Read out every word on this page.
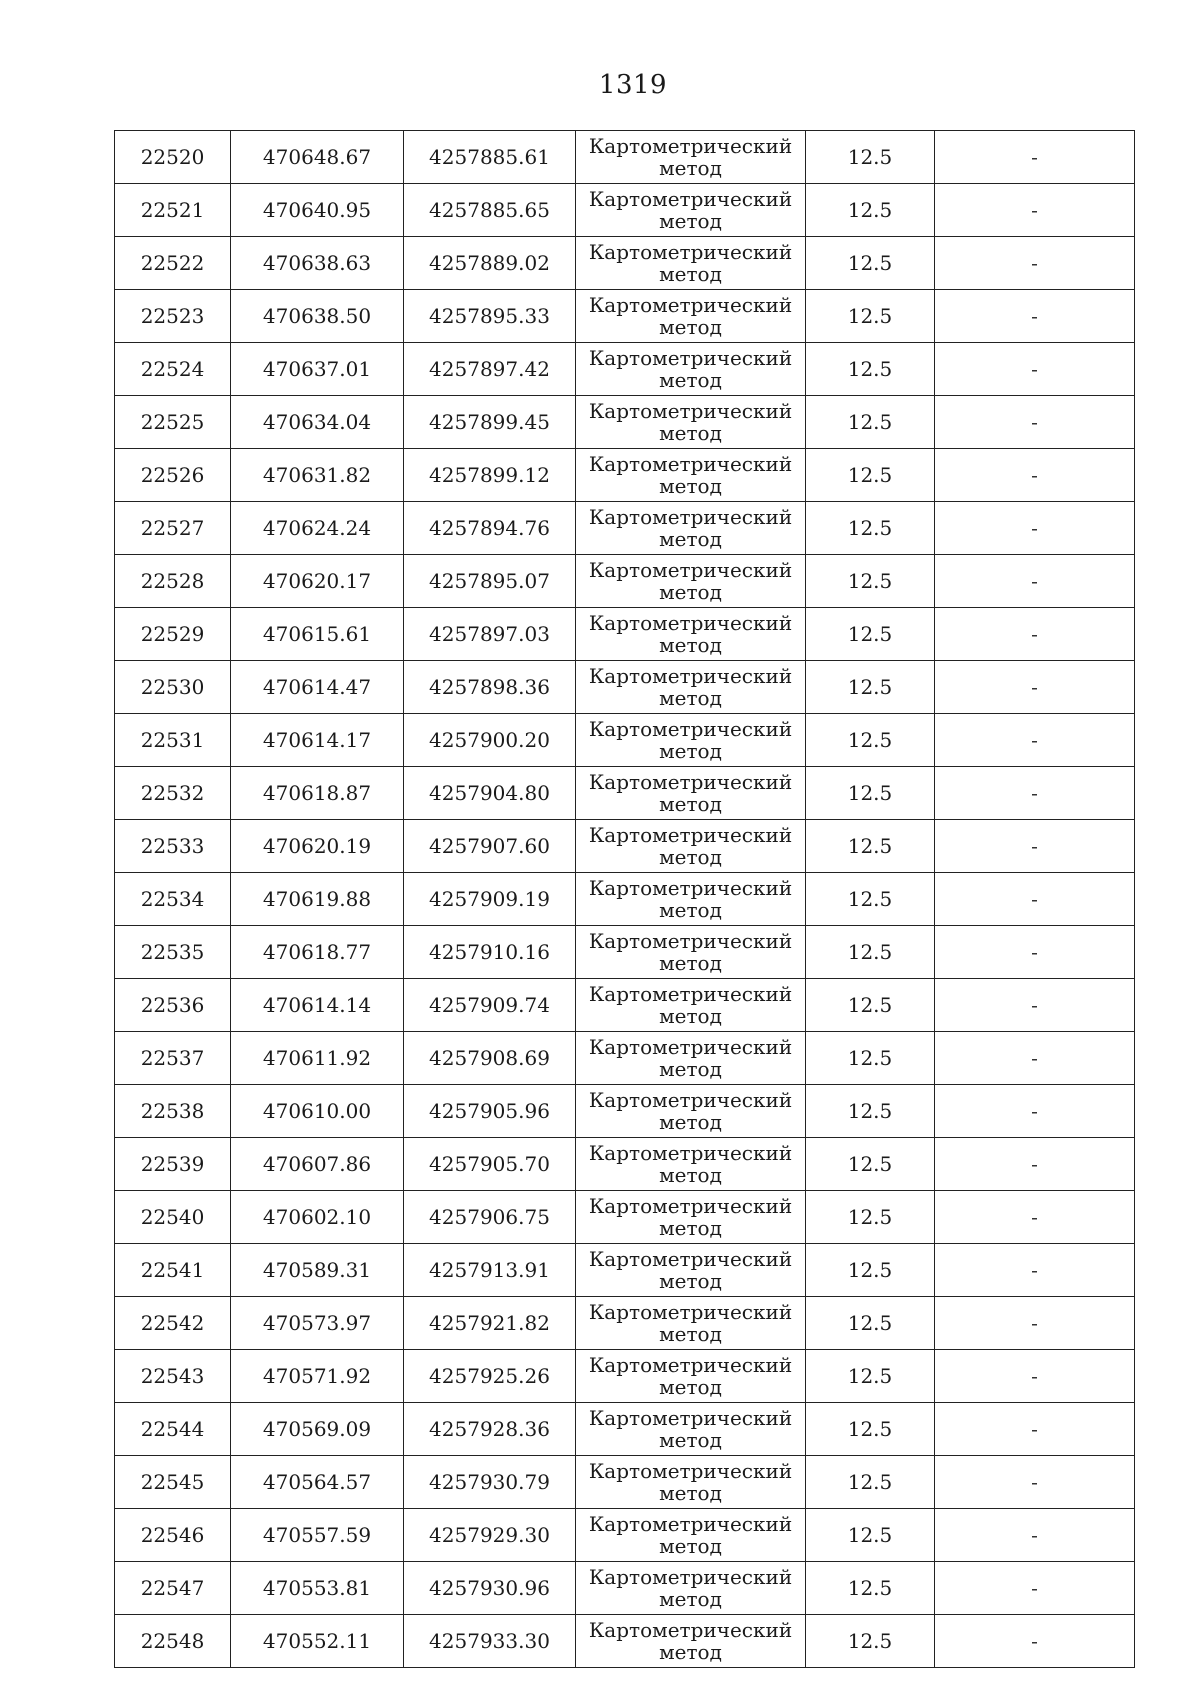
1319
22520	470648.67	4257885.61	Картометрический
метод	12.5	-
22521	470640.95	4257885.65	Картометрический
метод	12.5	-
22522	470638.63	4257889.02	Картометрический
метод	12.5	-
22523	470638.50	4257895.33	Картометрический
метод	12.5	-
22524	470637.01	4257897.42	Картометрический
метод	12.5	-
22525	470634.04	4257899.45	Картометрический
метод	12.5	-
22526	470631.82	4257899.12	Картометрический
метод	12.5	-
22527	470624.24	4257894.76	Картометрический
метод	12.5	-
22528	470620.17	4257895.07	Картометрический
метод	12.5	-
22529	470615.61	4257897.03	Картометрический
метод	12.5	-
22530	470614.47	4257898.36	Картометрический
метод	12.5	-
22531	470614.17	4257900.20	Картометрический
метод	12.5	-
22532	470618.87	4257904.80	Картометрический
метод	12.5	-
22533	470620.19	4257907.60	Картометрический
метод	12.5	-
22534	470619.88	4257909.19	Картометрический
метод	12.5	-
22535	470618.77	4257910.16	Картометрический
метод	12.5	-
22536	470614.14	4257909.74	Картометрический
метод	12.5	-
22537	470611.92	4257908.69	Картометрический
метод	12.5	-
22538	470610.00	4257905.96	Картометрический
метод	12.5	-
22539	470607.86	4257905.70	Картометрический
метод	12.5	-
22540	470602.10	4257906.75	Картометрический
метод	12.5	-
22541	470589.31	4257913.91	Картометрический
метод	12.5	-
22542	470573.97	4257921.82	Картометрический
метод	12.5	-
22543	470571.92	4257925.26	Картометрический
метод	12.5	-
22544	470569.09	4257928.36	Картометрический
метод	12.5	-
22545	470564.57	4257930.79	Картометрический
метод	12.5	-
22546	470557.59	4257929.30	Картометрический
метод	12.5	-
22547	470553.81	4257930.96	Картометрический
метод	12.5	-
22548	470552.11	4257933.30	Картометрический
метод	12.5	-
